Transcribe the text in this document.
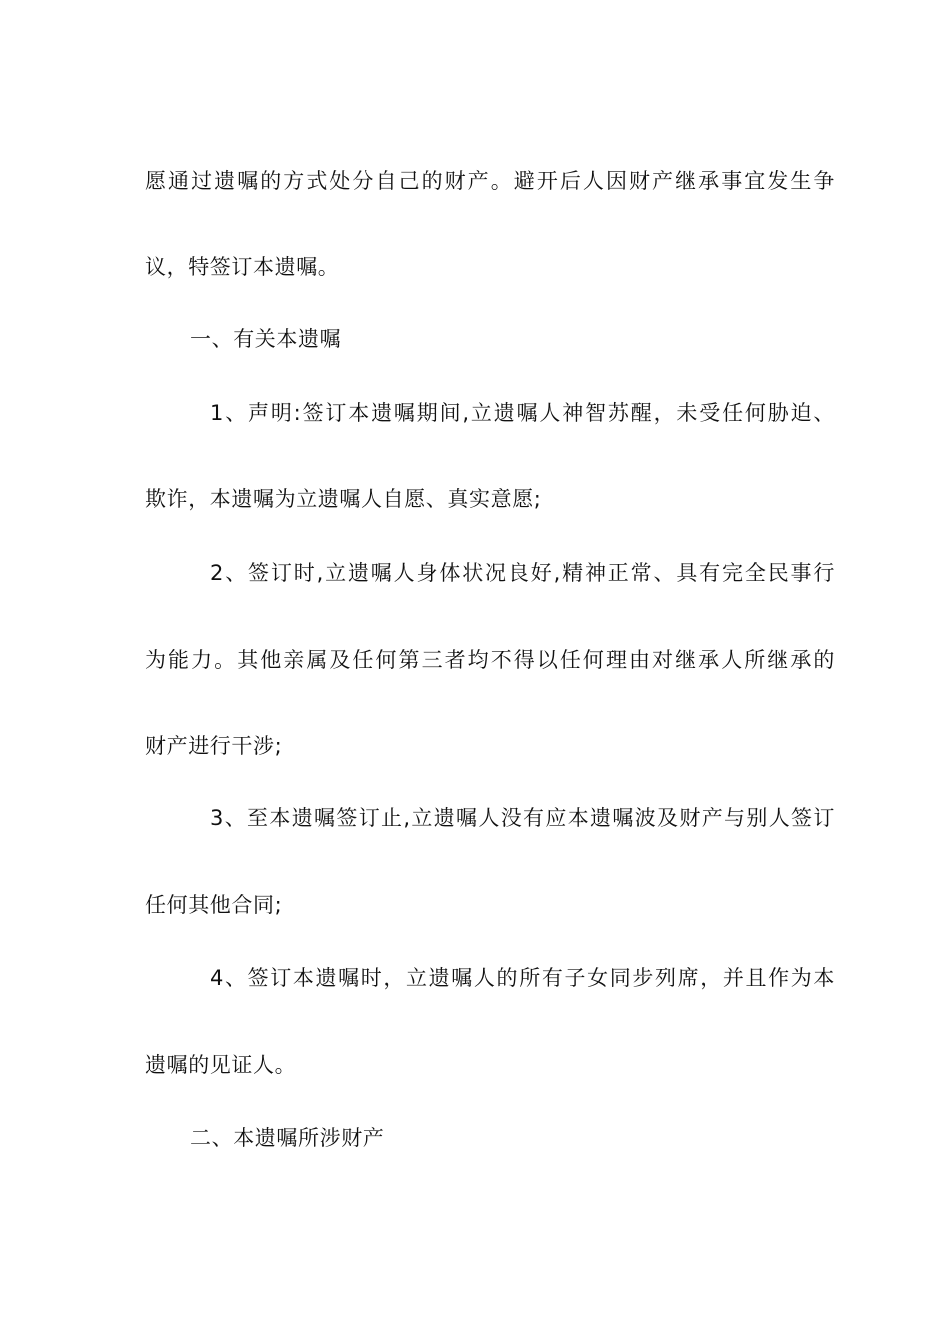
愿通过遗嘱的方式处分自己的财产。避开后人因财产继承事宜发生争
议，特签订本遗嘱。
一、有关本遗嘱
1、声明:签订本遗嘱期间,立遗嘱人神智苏醒，未受任何胁迫、
欺诈，本遗嘱为立遗嘱人自愿、真实意愿;
2、签订时,立遗嘱人身体状况良好,精神正常、具有完全民事行
为能力。其他亲属及任何第三者均不得以任何理由对继承人所继承的
财产进行干涉;
3、至本遗嘱签订止,立遗嘱人没有应本遗嘱波及财产与别人签订
任何其他合同;
4、签订本遗嘱时，立遗嘱人的所有子女同步列席，并且作为本
遗嘱的见证人。
二、本遗嘱所涉财产
